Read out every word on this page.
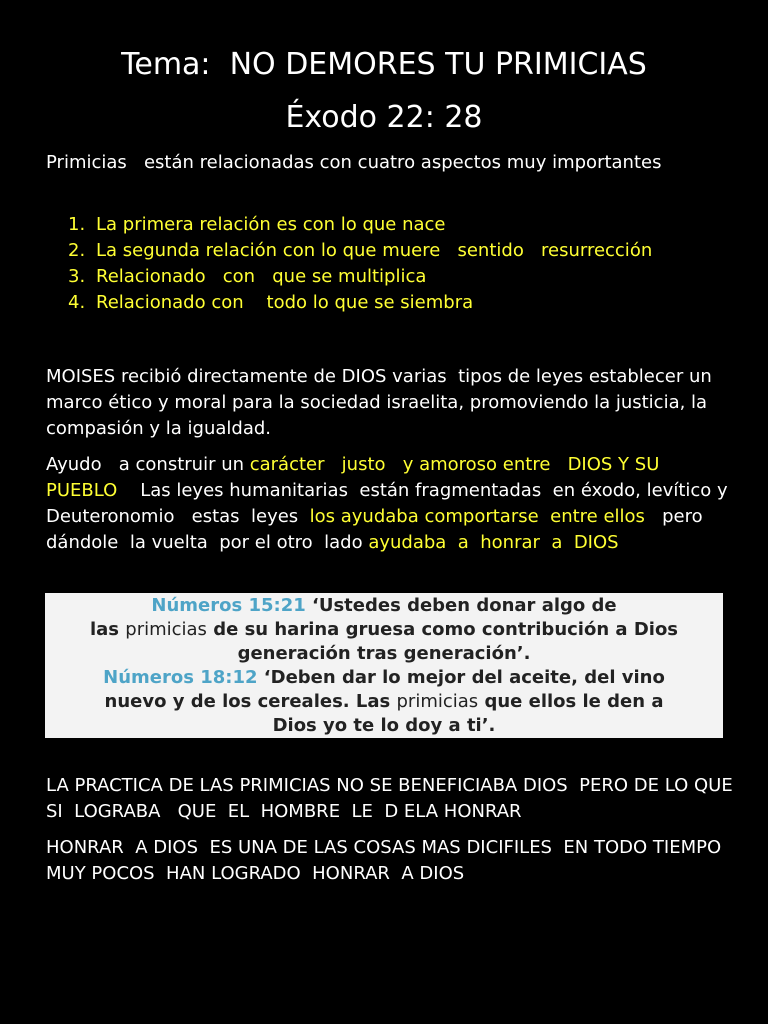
Tema:  NO DEMORES TU PRIMICIAS
Éxodo 22: 28
Primicias   están relacionadas con cuatro aspectos muy importantes
1. La primera relación es con lo que nace
2. La segunda relación con lo que muere   sentido   resurrección
3. Relacionado   con   que se multiplica
4. Relacionado con    todo lo que se siembra
MOISES recibió directamente de DIOS varias  tipos de leyes establecer un marco ético y moral para la sociedad israelita, promoviendo la justicia, la compasión y la igualdad.
Ayudo   a construir un carácter   justo   y amoroso entre   DIOS Y SU PUEBLO    Las leyes humanitarias  están fragmentadas  en éxodo, levítico y Deuteronomio   estas  leyes  los ayudaba comportarse  entre ellos   pero  dándole  la vuelta  por el otro  lado ayudaba  a  honrar  a  DIOS
Números 15:21 ‘Ustedes deben donar algo de
las primicias de su harina gruesa como contribución a Dios
generación tras generación’.
Números 18:12 ‘Deben dar lo mejor del aceite, del vino
nuevo y de los cereales. Las primicias que ellos le den a
Dios yo te lo doy a ti’.
LA PRACTICA DE LAS PRIMICIAS NO SE BENEFICIABA DIOS  PERO DE LO QUE SI  LOGRABA   QUE  EL  HOMBRE  LE  D ELA HONRAR
HONRAR  A DIOS  ES UNA DE LAS COSAS MAS DICIFILES  EN TODO TIEMPO    MUY POCOS  HAN LOGRADO  HONRAR  A DIOS
